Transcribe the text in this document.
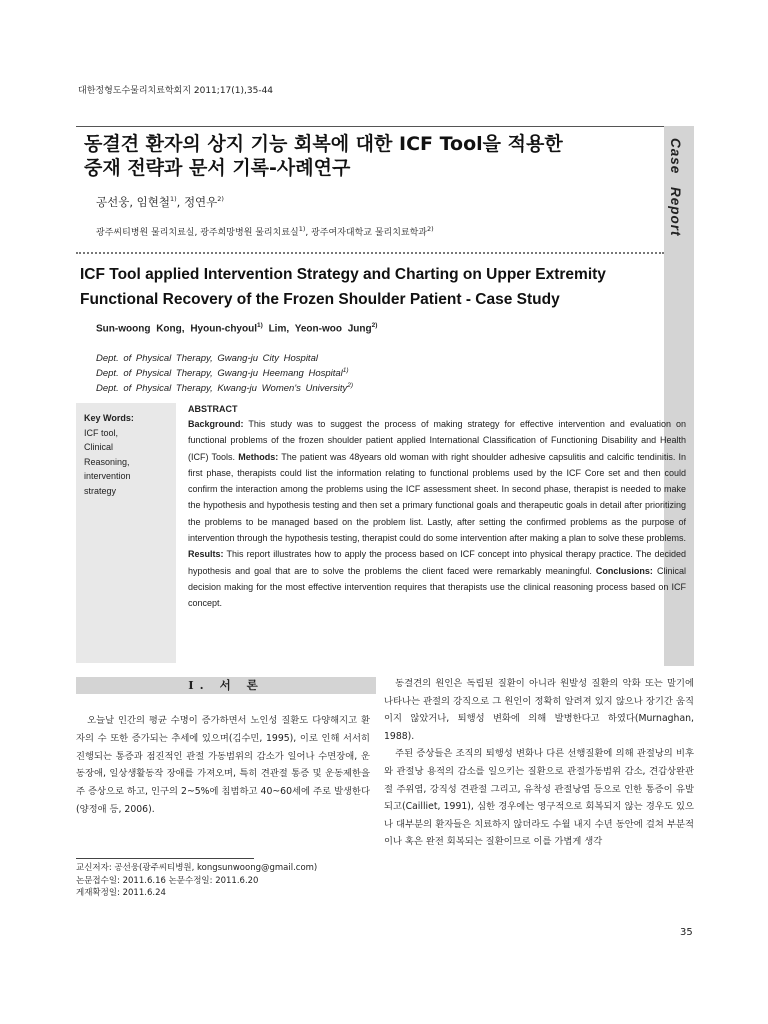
대한정형도수물리치료학회지 2011;17(1),35-44
Case Report
동결견 환자의 상지 기능 회복에 대한 ICF Tool을 적용한
중재 전략과 문서 기록-사례연구
공선웅, 임현철$^{1)}$, 정연우$^{2)}$
광주씨티병원 물리치료실, 광주희망병원 물리치료실$^{1)}$, 광주여자대학교 물리치료학과$^{2)}$
ICF Tool applied Intervention Strategy and Charting on Upper Extremity
Functional Recovery of the Frozen Shoulder Patient - Case Study
Sun-woong Kong, Hyoun-chyoul$^{1)}$ Lim, Yeon-woo Jung$^{2)}$
Dept. of Physical Therapy, Gwang-ju City Hospital
Dept. of Physical Therapy, Gwang-ju Heemang Hospital$^{1)}$
Dept. of Physical Therapy, Kwang-ju Women's University$^{2)}$
Key Words:
ICF tool,
Clinical
Reasoning,
intervention
strategy
ABSTRACT
Background: This study was to suggest the process of making strategy for effective intervention and evaluation on functional problems of the frozen shoulder patient applied International Classification of Functioning Disability and Health (ICF) Tools. Methods: The patient was 48years old woman with right shoulder adhesive capsulitis and calcific tendinitis. In first phase, therapists could list the information relating to functional problems used by the ICF Core set and then could confirm the interaction among the problems using the ICF assessment sheet. In second phase, therapist is needed to make the hypothesis and hypothesis testing and then set a primary functional goals and therapeutic goals in detail after prioritizing the problems to be managed based on the problem list. Lastly, after setting the confirmed problems as the purpose of intervention through the hypothesis testing, therapist could do some intervention after making a plan to solve these problems. Results: This report illustrates how to apply the process based on ICF concept into physical therapy practice. The decided hypothesis and goal that are to solve the problems the client faced were remarkably meaningful. Conclusions: Clinical decision making for the most effective intervention requires that therapists use the clinical reasoning process based on ICF concept.
I. 서 론
오늘날 인간의 평균 수명이 증가하면서 노인성 질환도 다양해지고 환자의 수 또한 증가되는 추세에 있으며(김수민, 1995), 이로 인해 서서히 진행되는 통증과 점진적인 관절 가동범위의 감소가 일어나 수면장애, 운동장애, 일상생활동작 장애를 가져오며, 특히 견관절 통증 및 운동제한을 주 증상으로 하고, 인구의 2~5%에 침범하고 40~60세에 주로 발생한다(양정애 등, 2006).
교신저자: 공선웅(광주씨티병원, kongsunwoong@gmail.com)
논문접수일: 2011.6.16 논문수정일: 2011.6.20
게재확정일: 2011.6.24

동결견의 원인은 독립된 질환이 아니라 원발성 질환의 악화 또는 말기에 나타나는 관절의 강직으로 그 원인이 정확히 알려져 있지 않으나 장기간 움직이지 않았거나, 퇴행성 변화에 의해 발병한다고 하였다(Murnaghan, 1988).

주된 증상들은 조직의 퇴행성 변화나 다른 선행질환에 의해 관절낭의 비후와 관절낭 용적의 감소를 일으키는 질환으로 관절가동범위 감소, 견갑상완관절 주위염, 강직성 견관절 그리고, 유착성 관절낭염 등으로 인한 통증이 유발되고(Cailliet, 1991), 심한 경우에는 영구적으로 회복되지 않는 경우도 있으나 대부분의 환자들은 치료하지 않더라도 수월 내지 수년 동안에 걸쳐 부분적이나 혹은 완전 회복되는 질환이므로 이를 가볍게 생각

35
